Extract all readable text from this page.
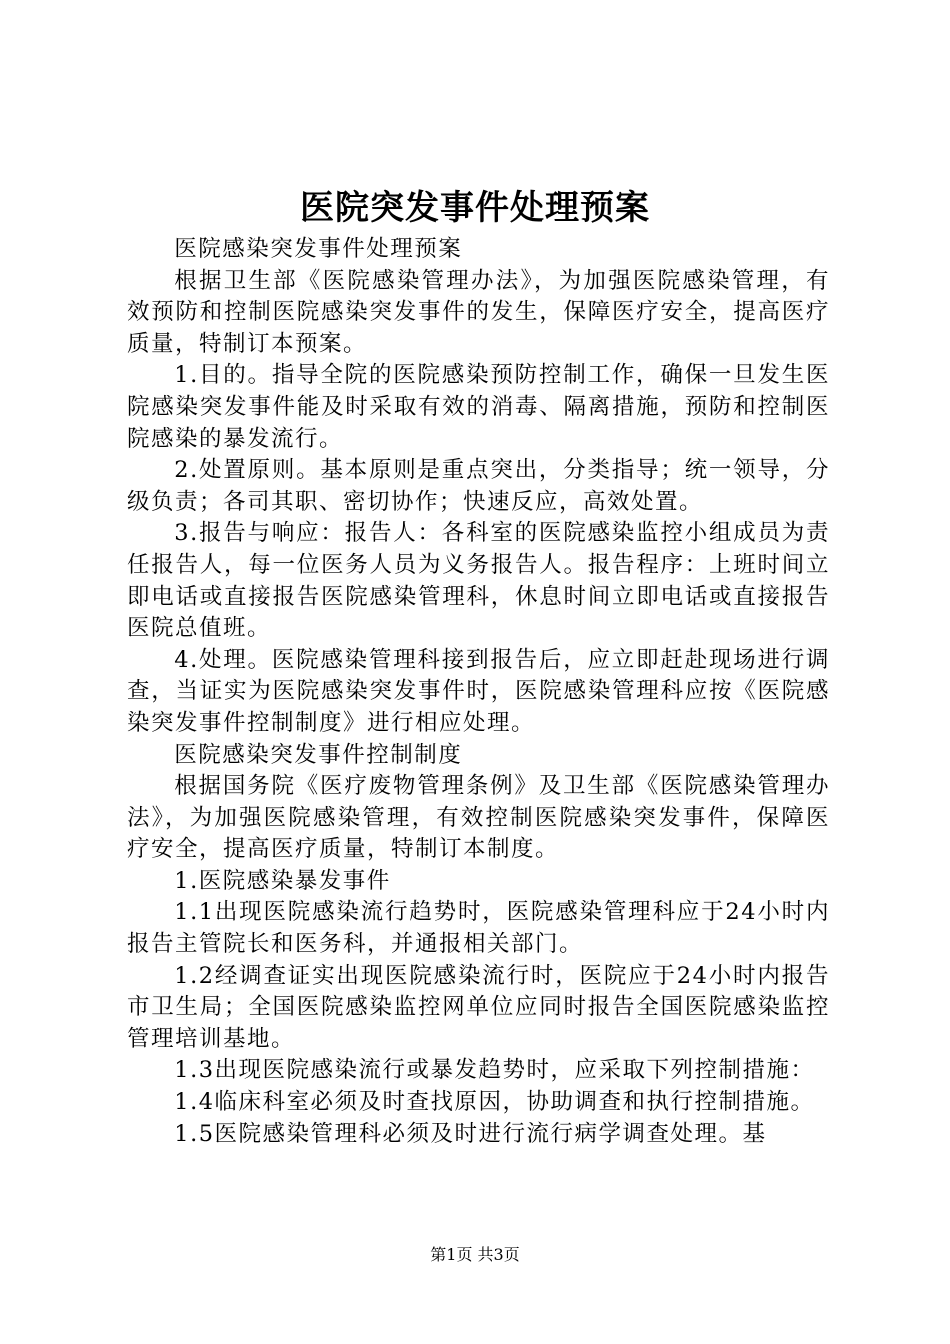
医院突发事件处理预案

医院感染突发事件处理预案

根据卫生部《医院感染管理办法》，为加强医院感染管理，有效预防和控制医院感染突发事件的发生，保障医疗安全，提高医疗质量，特制订本预案。

1.目的。指导全院的医院感染预防控制工作，确保一旦发生医院感染突发事件能及时采取有效的消毒、隔离措施，预防和控制医院感染的暴发流行。

2.处置原则。基本原则是重点突出，分类指导；统一领导，分级负责；各司其职、密切协作；快速反应，高效处置。

3.报告与响应：报告人：各科室的医院感染监控小组成员为责任报告人，每一位医务人员为义务报告人。报告程序：上班时间立即电话或直接报告医院感染管理科，休息时间立即电话或直接报告医院总值班。

4.处理。医院感染管理科接到报告后，应立即赶赴现场进行调查，当证实为医院感染突发事件时，医院感染管理科应按《医院感染突发事件控制制度》进行相应处理。

医院感染突发事件控制制度

根据国务院《医疗废物管理条例》及卫生部《医院感染管理办法》，为加强医院感染管理，有效控制医院感染突发事件，保障医疗安全，提高医疗质量，特制订本制度。

1.医院感染暴发事件

1.1出现医院感染流行趋势时，医院感染管理科应于24小时内报告主管院长和医务科，并通报相关部门。

1.2经调查证实出现医院感染流行时，医院应于24小时内报告市卫生局；全国医院感染监控网单位应同时报告全国医院感染监控管理培训基地。

1.3出现医院感染流行或暴发趋势时，应采取下列控制措施：

1.4临床科室必须及时查找原因，协助调查和执行控制措施。

1.5医院感染管理科必须及时进行流行病学调查处理。基

第1页 共3页
